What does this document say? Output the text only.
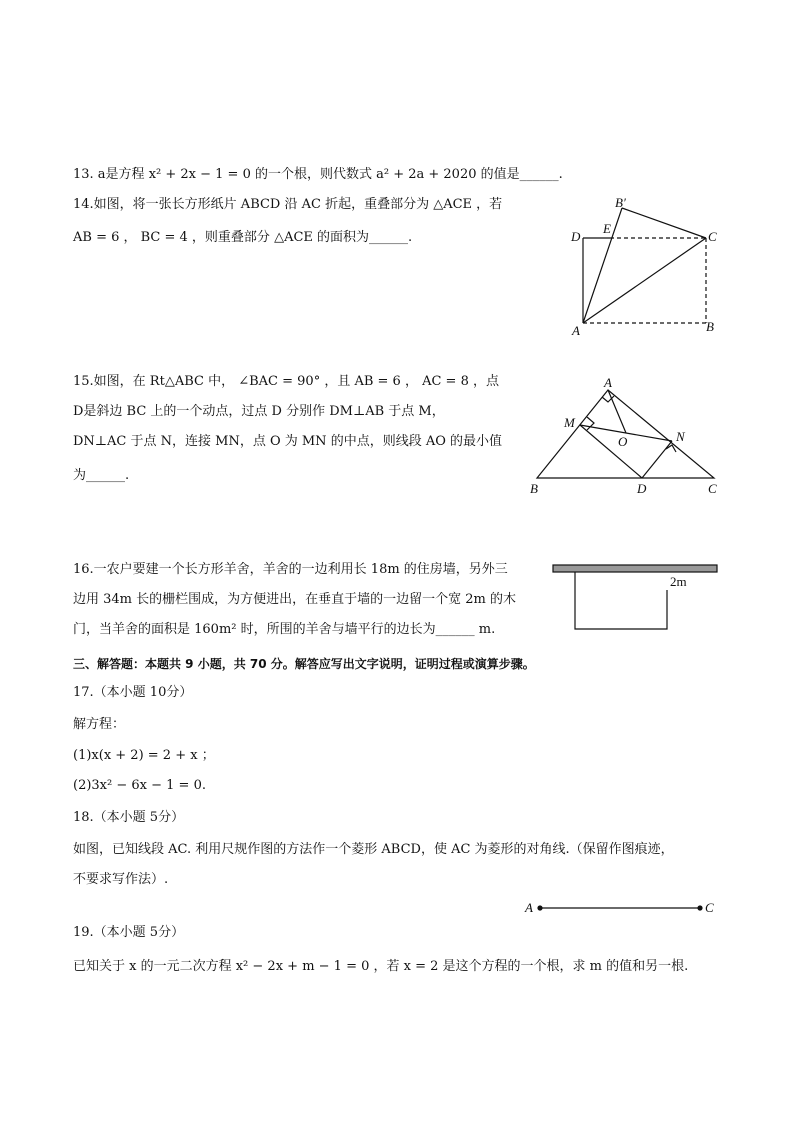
13. a是方程 x² + 2x − 1 = 0 的一个根，则代数式 a² + 2a + 2020 的值是______.
14.如图，将一张长方形纸片 ABCD 沿 AC 折起，重叠部分为 △ACE ，若
AB = 6 ， BC = 4 ，则重叠部分 △ACE 的面积为______.
15.如图，在 Rt△ABC 中， ∠BAC = 90° ，且 AB = 6 ， AC = 8 ，点
D是斜边 BC 上的一个动点，过点 D 分别作 DM⊥AB 于点 M，
DN⊥AC 于点 N，连接 MN，点 O 为 MN 的中点，则线段 AO 的最小值
为______.
16.一农户要建一个长方形羊舍，羊舍的一边利用长 18m 的住房墙，另外三
边用 34m 长的栅栏围成，为方便进出，在垂直于墙的一边留一个宽 2m 的木
门，当羊舍的面积是 160m² 时，所围的羊舍与墙平行的边长为______ m.
三、解答题：本题共 9 小题，共 70 分。解答应写出文字说明，证明过程或演算步骤。
17.（本小题 10分）
解方程：
(1)x(x + 2) = 2 + x ；
(2)3x² − 6x − 1 = 0.
18.（本小题 5分）
如图，已知线段 AC. 利用尺规作图的方法作一个菱形 ABCD，使 AC 为菱形的对角线.（保留作图痕迹，
不要求写作法）.
19.（本小题 5分）
已知关于 x 的一元二次方程 x² − 2x + m − 1 = 0 ，若 x = 2 是这个方程的一个根，求 m 的值和另一根.
A	B
C
D
E
B′
A
B	C
D
M
N
O
2m
A	C
